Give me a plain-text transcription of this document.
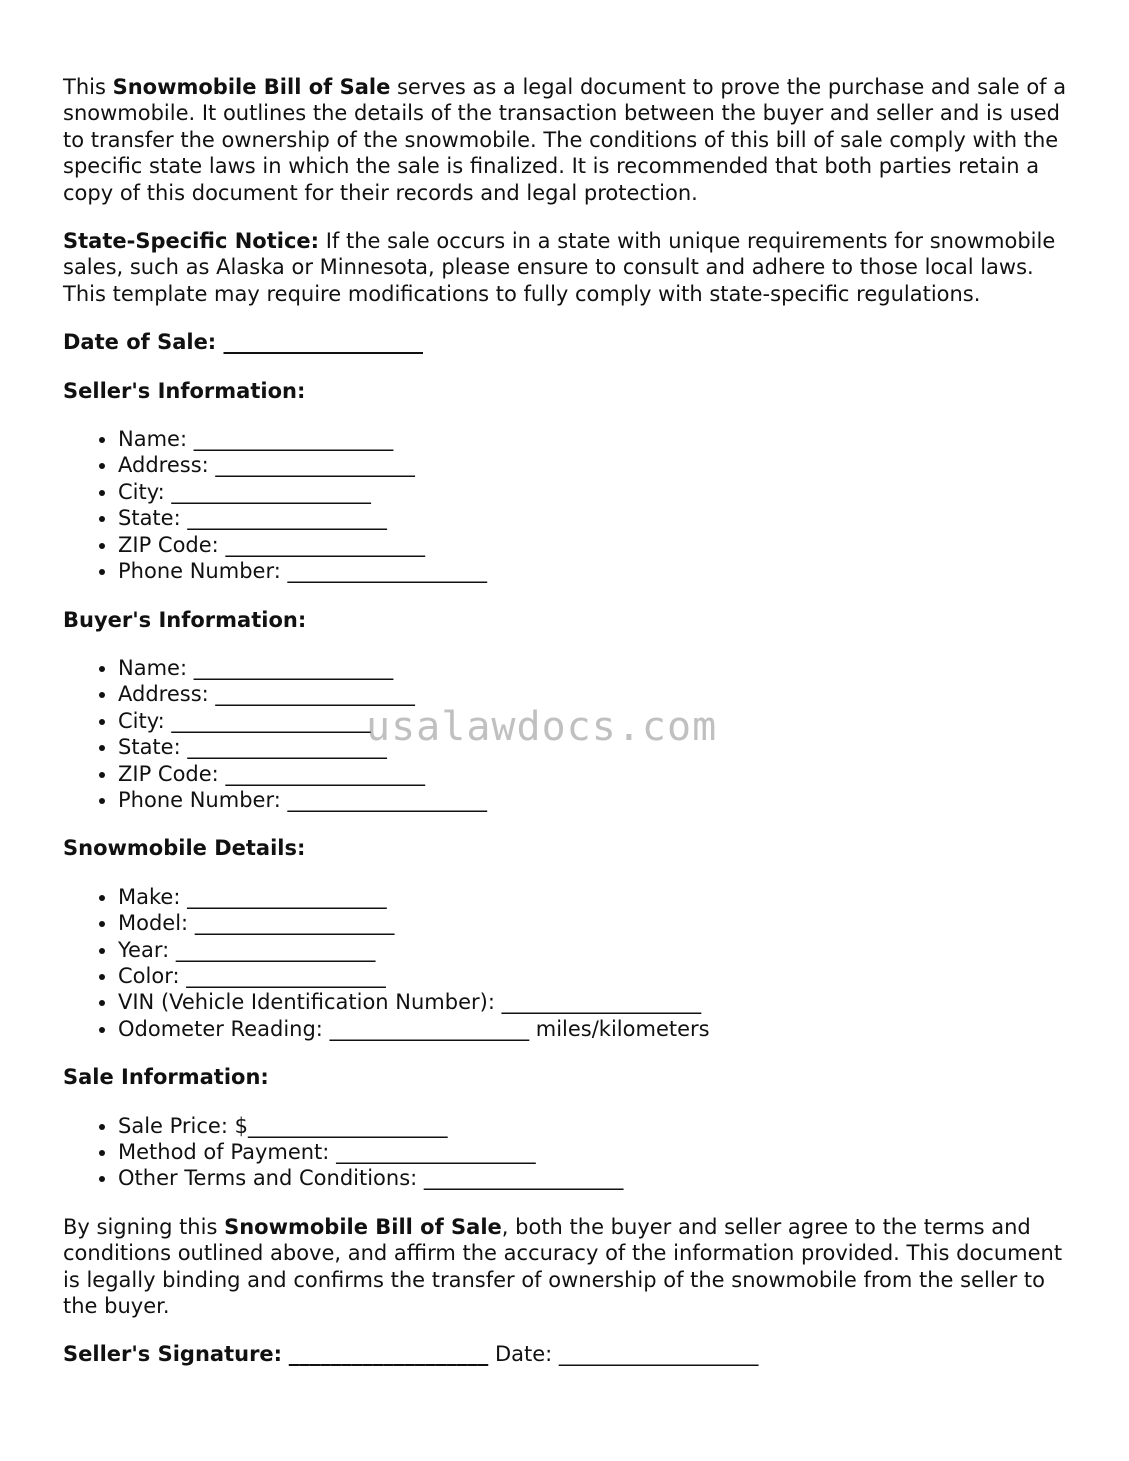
This Snowmobile Bill of Sale serves as a legal document to prove the purchase and sale of a snowmobile. It outlines the details of the transaction between the buyer and seller and is used to transfer the ownership of the snowmobile. The conditions of this bill of sale comply with the specific state laws in which the sale is finalized. It is recommended that both parties retain a copy of this document for their records and legal protection.

State-Specific Notice: If the sale occurs in a state with unique requirements for snowmobile sales, such as Alaska or Minnesota, please ensure to consult and adhere to those local laws. This template may require modifications to fully comply with state-specific regulations.

Date of Sale: ___________________

Seller's Information:

• Name: ___________________
• Address: ___________________
• City: ___________________
• State: ___________________
• ZIP Code: ___________________
• Phone Number: ___________________

Buyer's Information:

• Name: ___________________
• Address: ___________________
• City: ___________________
• State: ___________________
• ZIP Code: ___________________
• Phone Number: ___________________

Snowmobile Details:

• Make: ___________________
• Model: ___________________
• Year: ___________________
• Color: ___________________
• VIN (Vehicle Identification Number): ___________________
• Odometer Reading: ___________________ miles/kilometers

Sale Information:

• Sale Price: $___________________
• Method of Payment: ___________________
• Other Terms and Conditions: ___________________

By signing this Snowmobile Bill of Sale, both the buyer and seller agree to the terms and conditions outlined above, and affirm the accuracy of the information provided. This document is legally binding and confirms the transfer of ownership of the snowmobile from the seller to the buyer.

Seller's Signature: ___________________ Date: ___________________

usalawdocs.com
